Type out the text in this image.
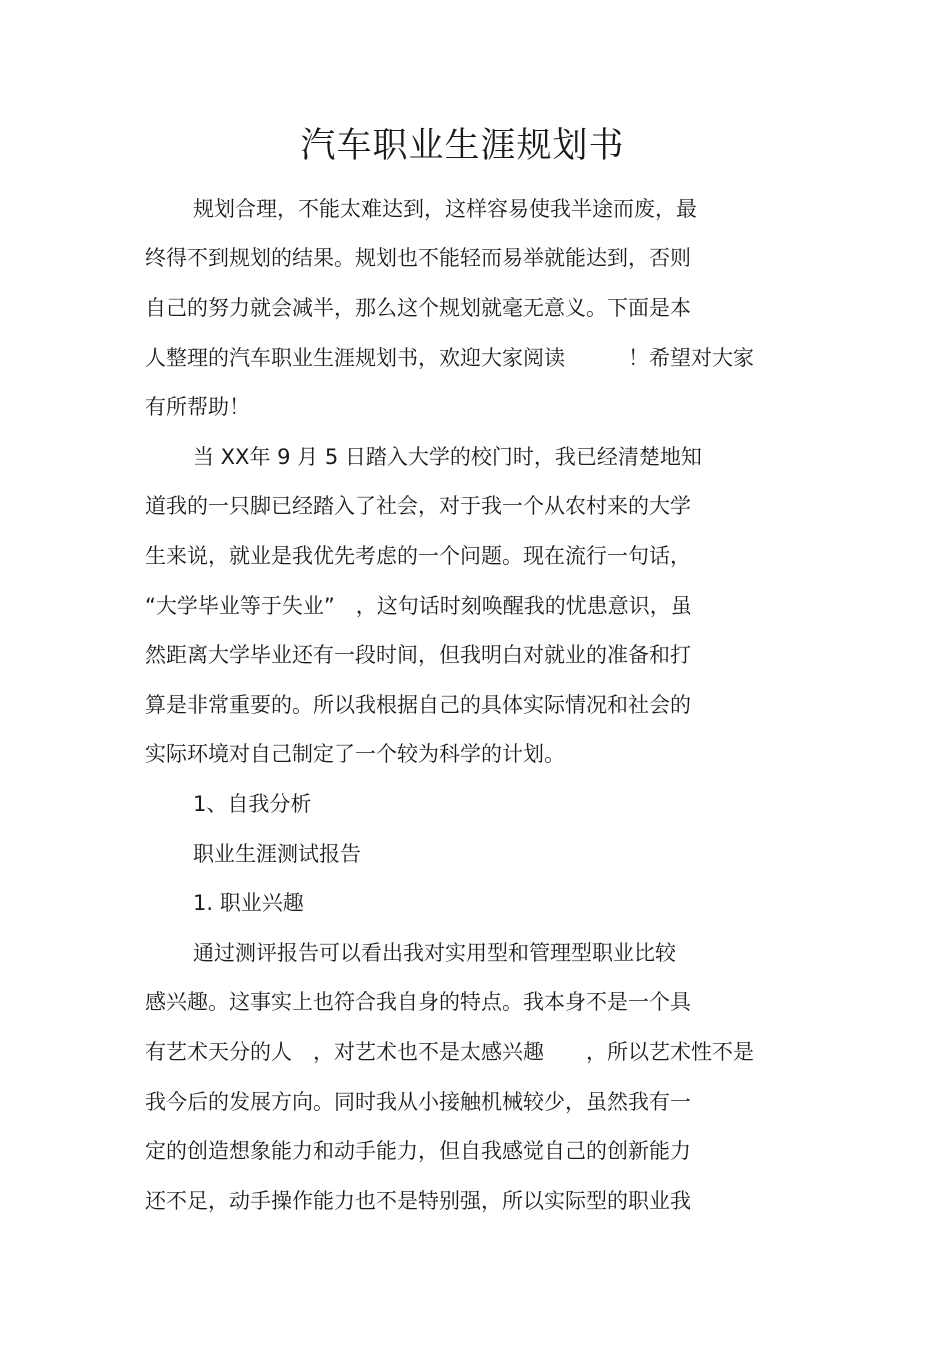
汽车职业生涯规划书
规划合理，不能太难达到，这样容易使我半途而废，最
终得不到规划的结果。规划也不能轻而易举就能达到，否则
自己的努力就会减半，那么这个规划就毫无意义。下面是本
人整理的汽车职业生涯规划书，欢迎大家阅读　　　！希望对大家
有所帮助！
当 XX年 9 月 5 日踏入大学的校门时，我已经清楚地知
道我的一只脚已经踏入了社会，对于我一个从农村来的大学
生来说，就业是我优先考虑的一个问题。现在流行一句话，
“大学毕业等于失业”　，这句话时刻唤醒我的忧患意识，虽
然距离大学毕业还有一段时间，但我明白对就业的准备和打
算是非常重要的。所以我根据自己的具体实际情况和社会的
实际环境对自己制定了一个较为科学的计划。
1、自我分析
职业生涯测试报告
1. 职业兴趣
通过测评报告可以看出我对实用型和管理型职业比较
感兴趣。这事实上也符合我自身的特点。我本身不是一个具
有艺术天分的人　，对艺术也不是太感兴趣　　，所以艺术性不是
我今后的发展方向。同时我从小接触机械较少，虽然我有一
定的创造想象能力和动手能力，但自我感觉自己的创新能力
还不足，动手操作能力也不是特别强，所以实际型的职业我
